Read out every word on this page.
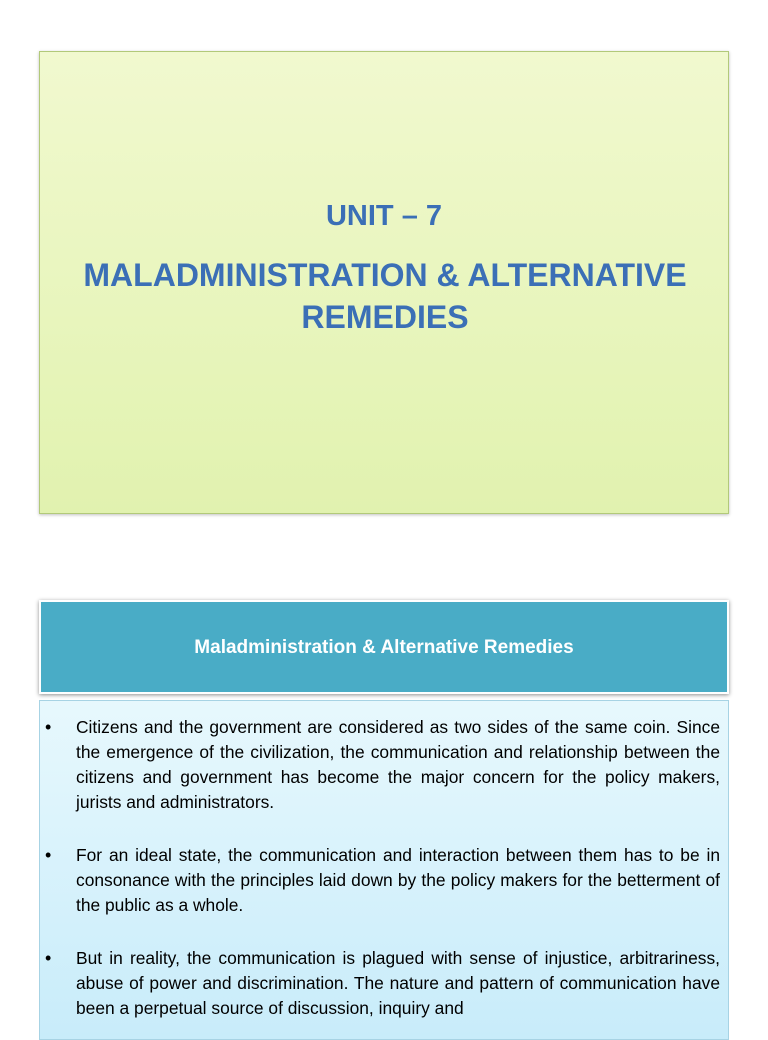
UNIT – 7
MALADMINISTRATION & ALTERNATIVE REMEDIES
Maladministration & Alternative Remedies
• Citizens and the government are considered as two sides of the same coin. Since the emergence of the civilization, the communication and relationship between the citizens and government has become the major concern for the policy makers, jurists and administrators.
• For an ideal state, the communication and interaction between them has to be in consonance with the principles laid down by the policy makers for the betterment of the public as a whole.
• But in reality, the communication is plagued with sense of injustice, arbitrariness, abuse of power and discrimination. The nature and pattern of communication have been a perpetual source of discussion, inquiry and
